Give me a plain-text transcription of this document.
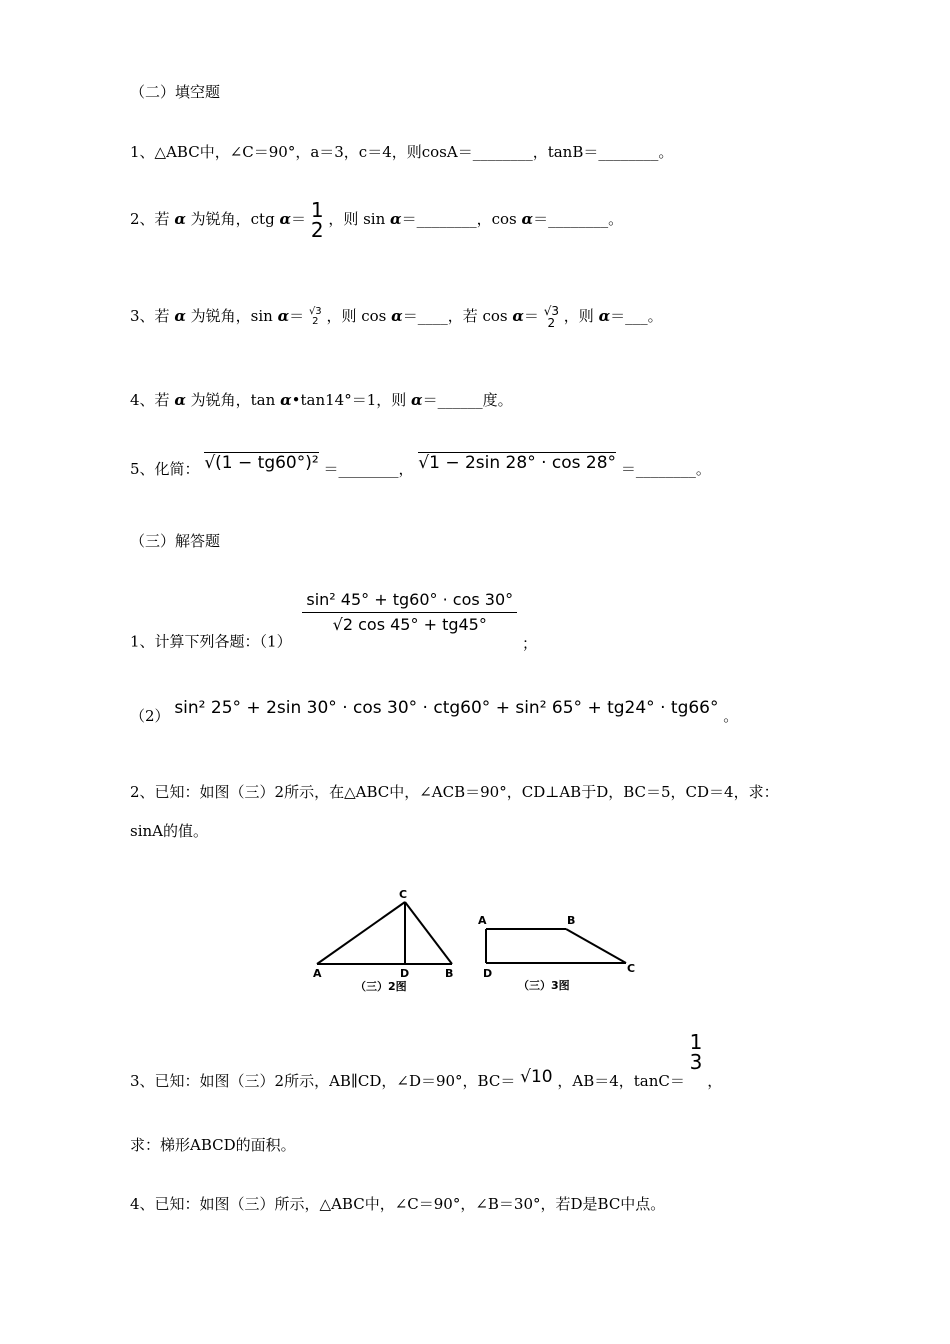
（二）填空题
1、△ABC中，∠C＝90°，a＝3，c＝4，则cosA＝________，tanB＝________。
2、若 α 为锐角，ctg α＝ 1
2 ，则 sin α＝________，cos α＝________。
3、若 α 为锐角，sin α＝ √3
2 ，则 cos α＝____，若 cos α＝ √3
2 ，则 α＝___。
4、若 α 为锐角，tan α•tan14°＝1，则 α＝______度。
5、化简： √(1 − tg60°)² ＝________， √1 − 2sin 28° · cos 28° ＝________。
（三）解答题
1、计算下列各题：（1）
$\frac{\text{sin² 45° + tg60° · cos 30°}}{√2 \cos 45^\circ + tg45^\circ}$
；
（2） sin² 25° + 2sin 30° · cos 30° · ctg60° + sin² 65° + tg24° · tg66° 。
2、已知：如图（三）2所示，在△ABC中，∠ACB＝90°，CD⊥AB于D，BC＝5，CD＝4，求：
sinA的值。
C
A	D	B
（三）2图
A	B
D	C
（三）3图
3、已知：如图（三）2所示，AB∥CD，∠D＝90°，BC＝ √10 ，AB＝4，tanC＝
1
3
，
求：梯形ABCD的面积。
4、已知：如图（三）所示，△ABC中，∠C＝90°，∠B＝30°，若D是BC中点。
